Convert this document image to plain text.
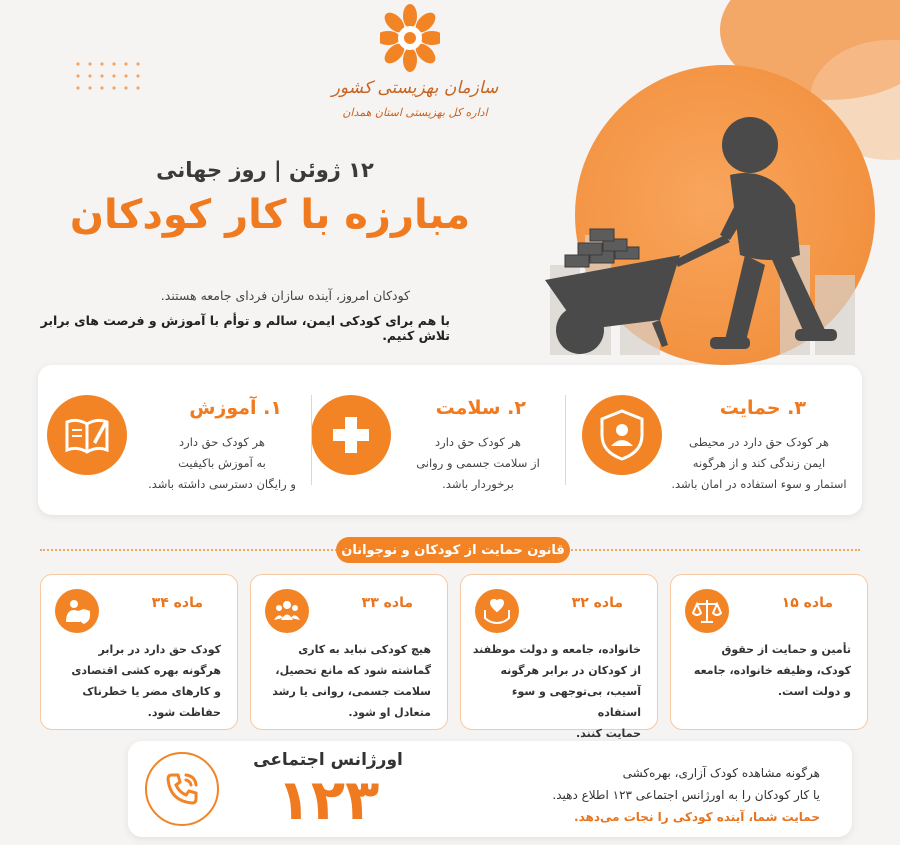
سازمان بهزیستی کشور
اداره کل بهزیستی استان همدان
۱۲ ژوئن | روز جهانی
مبارزه با کار کودکان
کودکان امروز، آینده سازان فردای جامعه هستند.
با هم برای کودکی ایمن، سالم و توأم با آموزش و فرصت های برابر تلاش کنیم.
۳. حمایت
هر کودک حق دارد در محیطی
ایمن زندگی کند و از هرگونه
استمار و سوء استفاده در امان باشد.
۲. سلامت
هر کودک حق دارد
از سلامت جسمی و روانی
برخوردار باشد.
۱. آموزش
هر کودک حق دارد
به آموزش باکیفیت
و رایگان دسترسی داشته باشد.
قانون حمایت از کودکان و نوجوانان
ماده ۱۵
تأمین و حمایت از حقوق
کودک، وظیفه خانواده، جامعه
و دولت است.
ماده ۳۲
خانواده، جامعه و دولت موظفند
از کودکان در برابر هرگونه
آسیب، بی‌توجهی و سوء استفاده
حمایت کنند.
ماده ۳۳
هیچ کودکی نباید به کاری
گماشته شود که مانع تحصیل،
سلامت جسمی، روانی یا رشد
متعادل او شود.
ماده ۳۴
کودک حق دارد در برابر
هرگونه بهره کشی اقتصادی
و کارهای مضر یا خطرناک
حفاظت شود.
اورژانس اجتماعی
۱۲۳	هرگونه مشاهده کودک آزاری، بهره‌کشی
یا کار کودکان را به اورژانس اجتماعی ۱۲۳ اطلاع دهید.
حمایت شما، آینده کودکی را نجات می‌دهد.
